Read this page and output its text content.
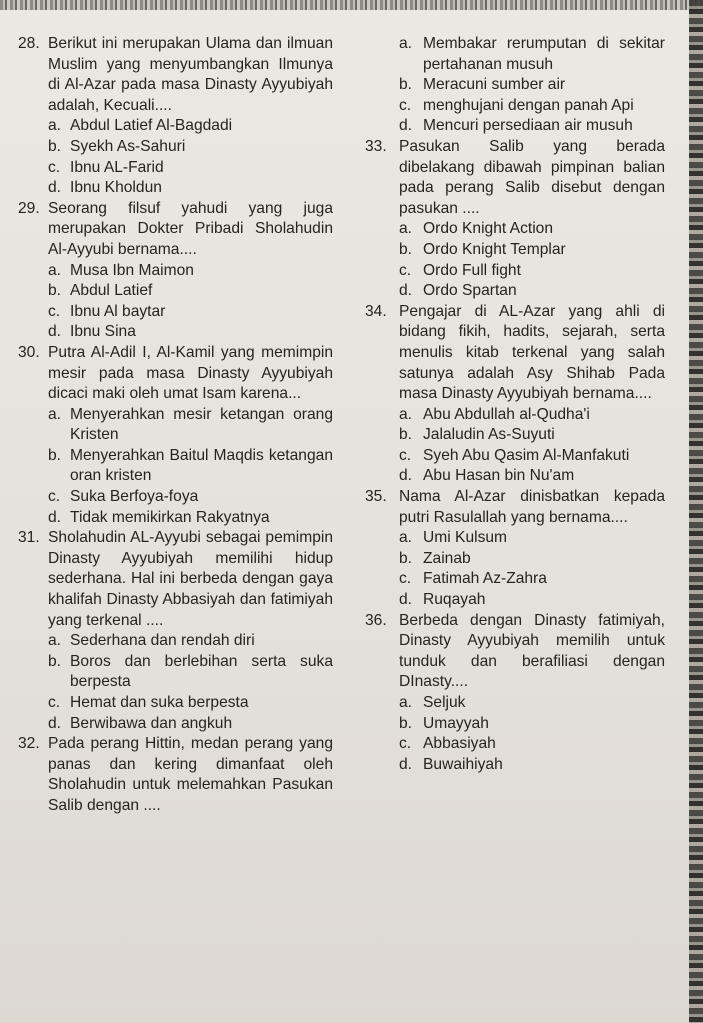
28. Berikut ini merupakan Ulama dan ilmuan Muslim yang menyumbangkan Ilmunya di Al-Azar pada masa Dinasty Ayyubiyah adalah, Kecuali....
a. Abdul Latief Al-Bagdadi
b. Syekh As-Sahuri
c. Ibnu AL-Farid
d. Ibnu Kholdun
29. Seorang filsuf yahudi yang juga merupakan Dokter Pribadi Sholahudin Al-Ayyubi bernama....
a. Musa Ibn Maimon
b. Abdul Latief
c. Ibnu Al baytar
d. Ibnu Sina
30. Putra Al-Adil I, Al-Kamil yang memimpin mesir pada masa Dinasty Ayyubiyah dicaci maki oleh umat Isam karena...
a. Menyerahkan mesir ketangan orang Kristen
b. Menyerahkan Baitul Maqdis ketangan oran kristen
c. Suka Berfoya-foya
d. Tidak memikirkan Rakyatnya
31. Sholahudin AL-Ayyubi sebagai pemimpin Dinasty Ayyubiyah memilihi hidup sederhana. Hal ini berbeda dengan gaya khalifah Dinasty Abbasiyah dan fatimiyah yang terkenal ....
a. Sederhana dan rendah diri
b. Boros dan berlebihan serta suka berpesta
c. Hemat dan suka berpesta
d. Berwibawa dan angkuh
32. Pada perang Hittin, medan perang yang panas dan kering dimanfaat oleh Sholahudin untuk melemahkan Pasukan Salib dengan ....
a. Membakar rerumputan di sekitar pertahanan musuh
b. Meracuni sumber air
c. menghujani dengan panah Api
d. Mencuri persediaan air musuh
33. Pasukan Salib yang berada dibelakang dibawah pimpinan balian pada perang Salib disebut dengan pasukan ....
a. Ordo Knight Action
b. Ordo Knight Templar
c. Ordo Full fight
d. Ordo Spartan
34. Pengajar di AL-Azar yang ahli di bidang fikih, hadits, sejarah, serta menulis kitab terkenal yang salah satunya adalah Asy Shihab Pada masa Dinasty Ayyubiyah bernama....
a. Abu Abdullah al-Qudha'i
b. Jalaludin As-Suyuti
c. Syeh Abu Qasim Al-Manfakuti
d. Abu Hasan bin Nu'am
35. Nama Al-Azar dinisbatkan kepada putri Rasulallah yang bernama....
a. Umi Kulsum
b. Zainab
c. Fatimah Az-Zahra
d. Ruqayah
36. Berbeda dengan Dinasty fatimiyah, Dinasty Ayyubiyah memilih untuk tunduk dan berafiliasi dengan DInasty....
a. Seljuk
b. Umayyah
c. Abbasiyah
d. Buwaihiyah
